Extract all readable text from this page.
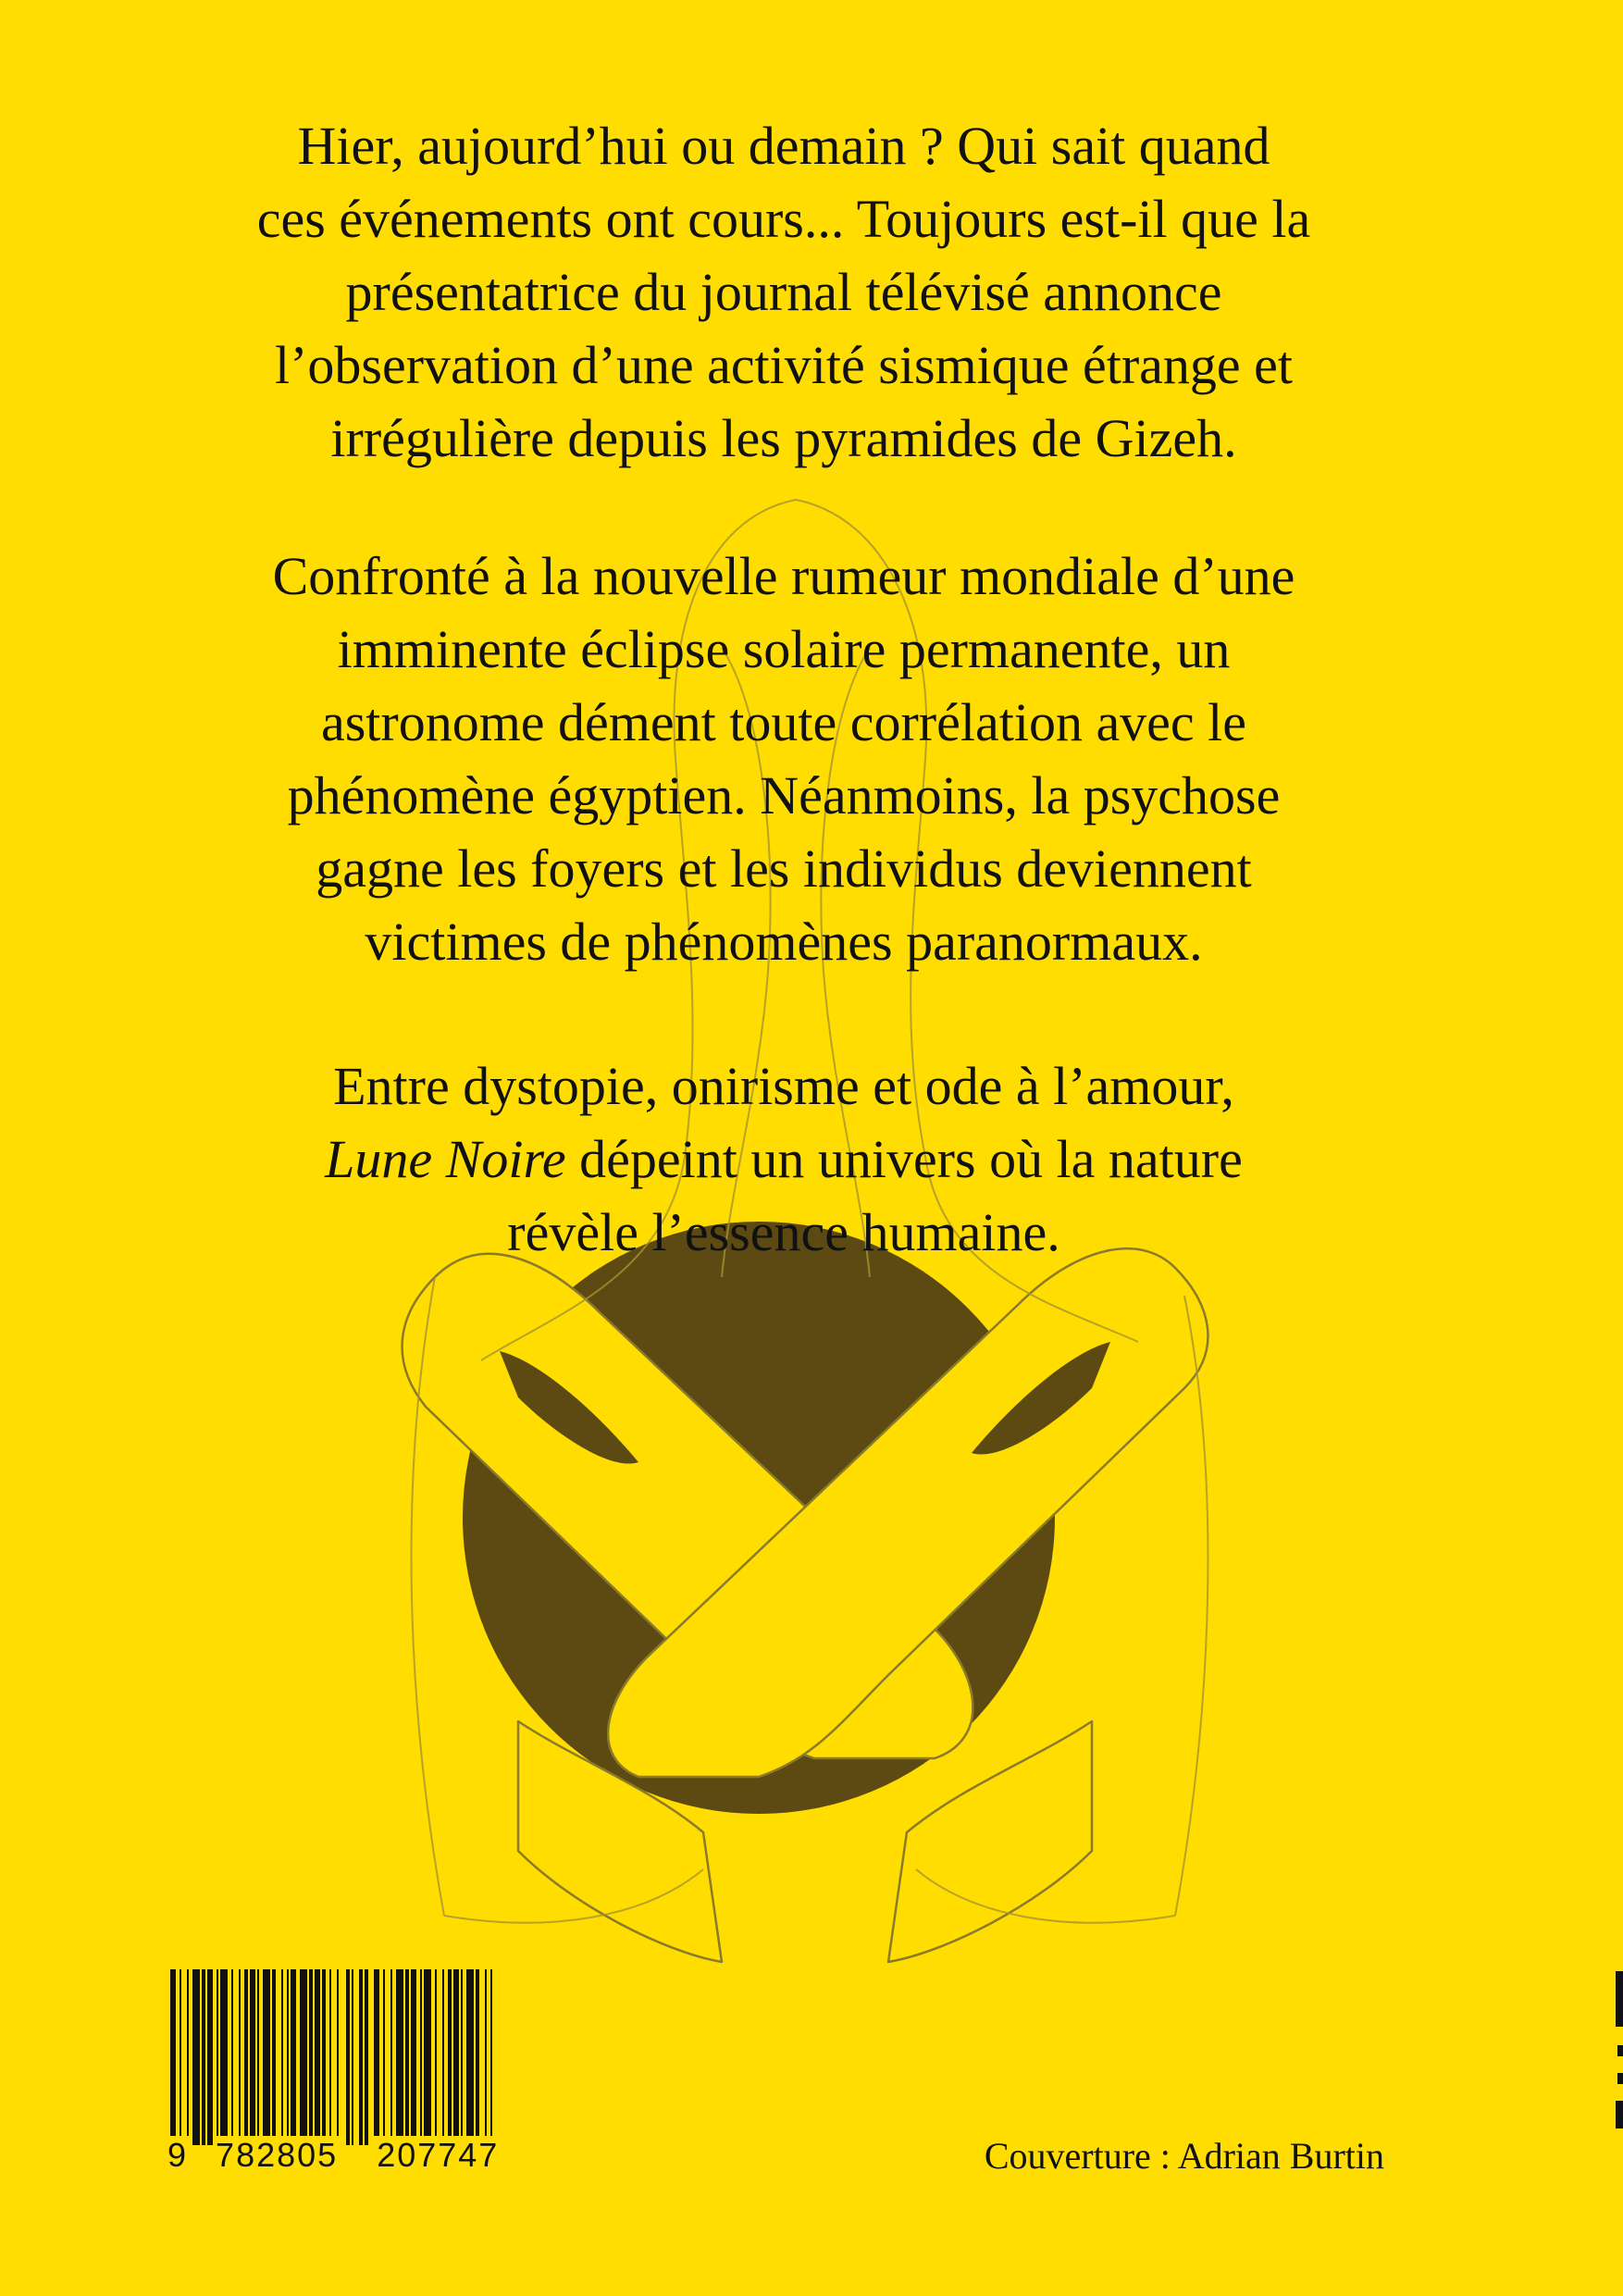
Hier, aujourd’hui ou demain ? Qui sait quand
ces événements ont cours... Toujours est-il que la
présentatrice du journal télévisé annonce
l’observation d’une activité sismique étrange et
irrégulière depuis les pyramides de Gizeh.

Confronté à la nouvelle rumeur mondiale d’une
imminente éclipse solaire permanente, un
astronome dément toute corrélation avec le
phénomène égyptien. Néanmoins, la psychose
gagne les foyers et les individus deviennent
victimes de phénomènes paranormaux.

Entre dystopie, onirisme et ode à l’amour,
Lune Noire dépeint un univers où la nature
révèle l’essence humaine.

9 782805 207747	Couverture : Adrian Burtin
